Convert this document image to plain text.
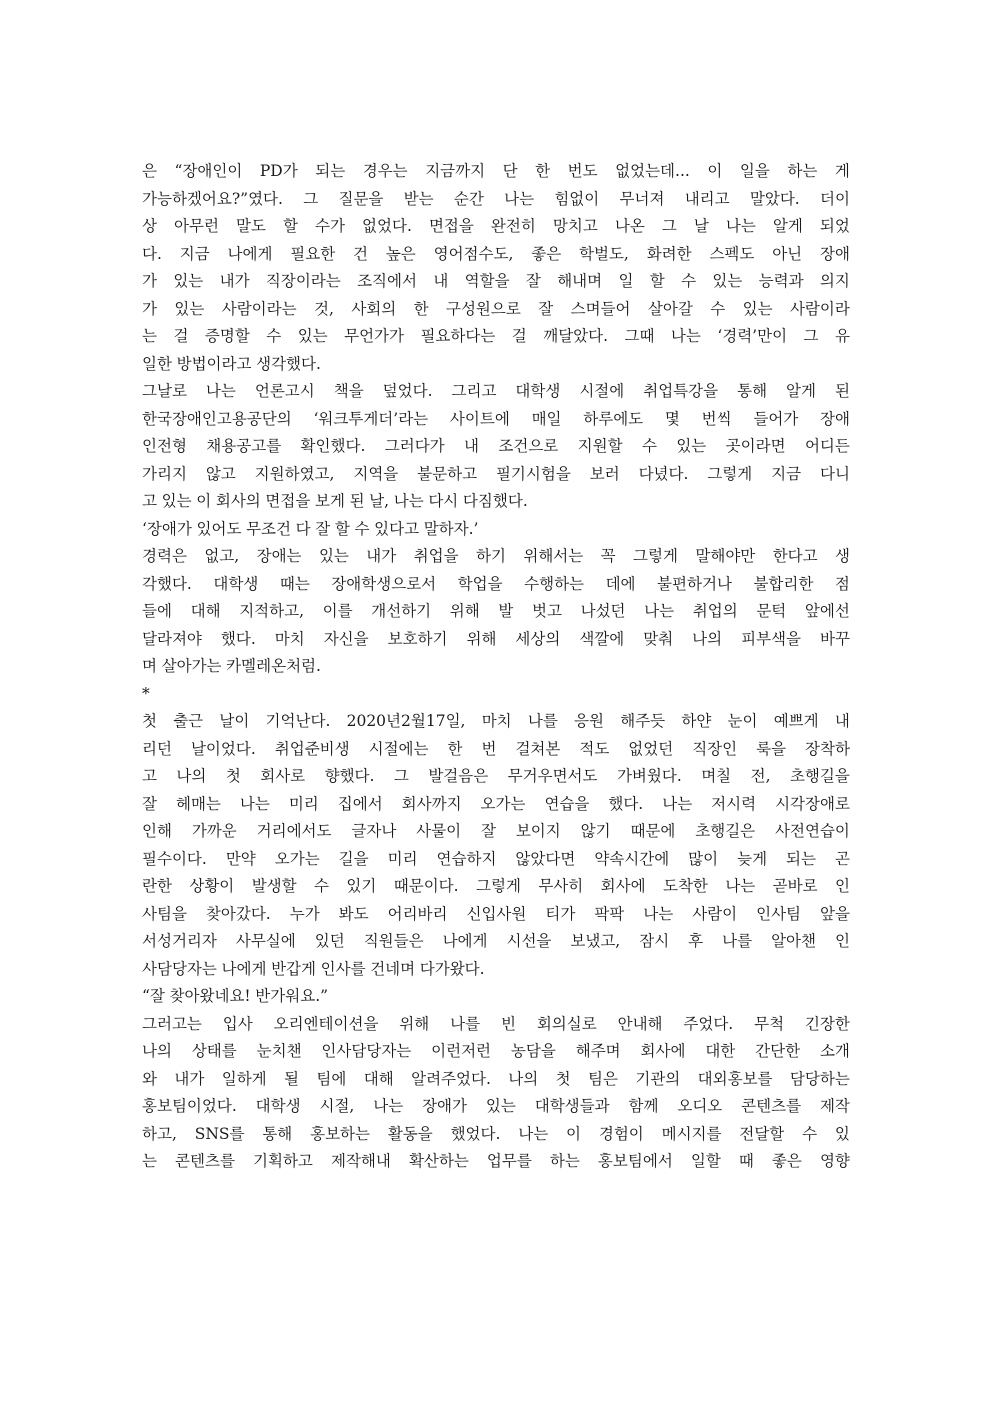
은 “장애인이 PD가 되는 경우는 지금까지 단 한 번도 없었는데... 이 일을 하는 게
가능하겠어요?”였다. 그 질문을 받는 순간 나는 힘없이 무너져 내리고 말았다. 더이
상 아무런 말도 할 수가 없었다. 면접을 완전히 망치고 나온 그 날 나는 알게 되었
다. 지금 나에게 필요한 건 높은 영어점수도, 좋은 학벌도, 화려한 스펙도 아닌 장애
가 있는 내가 직장이라는 조직에서 내 역할을 잘 해내며 일 할 수 있는 능력과 의지
가 있는 사람이라는 것, 사회의 한 구성원으로 잘 스며들어 살아갈 수 있는 사람이라
는 걸 증명할 수 있는 무언가가 필요하다는 걸 깨달았다. 그때 나는 ‘경력’만이 그 유
일한 방법이라고 생각했다.
그날로 나는 언론고시 책을 덮었다. 그리고 대학생 시절에 취업특강을 통해 알게 된
한국장애인고용공단의 ‘워크투게더’라는 사이트에 매일 하루에도 몇 번씩 들어가 장애
인전형 채용공고를 확인했다. 그러다가 내 조건으로 지원할 수 있는 곳이라면 어디든
가리지 않고 지원하였고, 지역을 불문하고 필기시험을 보러 다녔다. 그렇게 지금 다니
고 있는 이 회사의 면접을 보게 된 날, 나는 다시 다짐했다.
‘장애가 있어도 무조건 다 잘 할 수 있다고 말하자.’
경력은 없고, 장애는 있는 내가 취업을 하기 위해서는 꼭 그렇게 말해야만 한다고 생
각했다. 대학생 때는 장애학생으로서 학업을 수행하는 데에 불편하거나 불합리한 점
들에 대해 지적하고, 이를 개선하기 위해 발 벗고 나섰던 나는 취업의 문턱 앞에선
달라져야 했다. 마치 자신을 보호하기 위해 세상의 색깔에 맞춰 나의 피부색을 바꾸
며 살아가는 카멜레온처럼.
*
첫 출근 날이 기억난다. 2020년2월17일, 마치 나를 응원 해주듯 하얀 눈이 예쁘게 내
리던 날이었다. 취업준비생 시절에는 한 번 걸쳐본 적도 없었던 직장인 룩을 장착하
고 나의 첫 회사로 향했다. 그 발걸음은 무거우면서도 가벼웠다. 며칠 전, 초행길을
잘 헤매는 나는 미리 집에서 회사까지 오가는 연습을 했다. 나는 저시력 시각장애로
인해 가까운 거리에서도 글자나 사물이 잘 보이지 않기 때문에 초행길은 사전연습이
필수이다. 만약 오가는 길을 미리 연습하지 않았다면 약속시간에 많이 늦게 되는 곤
란한 상황이 발생할 수 있기 때문이다. 그렇게 무사히 회사에 도착한 나는 곧바로 인
사팀을 찾아갔다. 누가 봐도 어리바리 신입사원 티가 팍팍 나는 사람이 인사팀 앞을
서성거리자 사무실에 있던 직원들은 나에게 시선을 보냈고, 잠시 후 나를 알아챈 인
사담당자는 나에게 반갑게 인사를 건네며 다가왔다.
“잘 찾아왔네요! 반가워요.”
그러고는 입사 오리엔테이션을 위해 나를 빈 회의실로 안내해 주었다. 무척 긴장한
나의 상태를 눈치챈 인사담당자는 이런저런 농담을 해주며 회사에 대한 간단한 소개
와 내가 일하게 될 팀에 대해 알려주었다. 나의 첫 팀은 기관의 대외홍보를 담당하는
홍보팀이었다. 대학생 시절, 나는 장애가 있는 대학생들과 함께 오디오 콘텐츠를 제작
하고, SNS를 통해 홍보하는 활동을 했었다. 나는 이 경험이 메시지를 전달할 수 있
는 콘텐츠를 기획하고 제작해내 확산하는 업무를 하는 홍보팀에서 일할 때 좋은 영향
